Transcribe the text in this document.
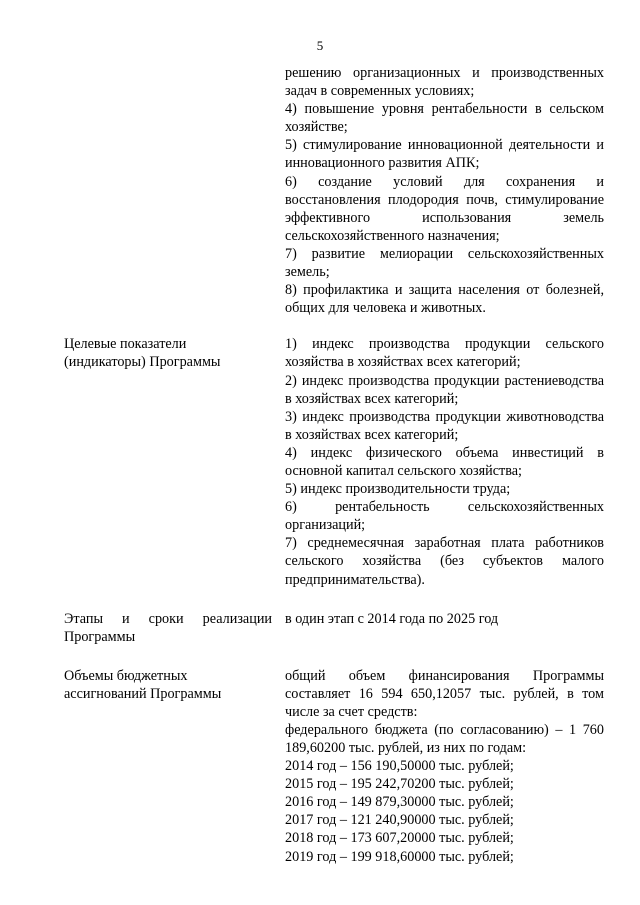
5

решению организационных и производственных задач в современных условиях;

4) повышение уровня рентабельности в сельском хозяйстве;

5) стимулирование инновационной деятельности и инновационного развития АПК;

6) создание условий для сохранения и восстановления плодородия почв, стимулирование эффективного использования земель сельскохозяйственного назначения;

7) развитие мелиорации сельскохозяйственных земель;

8) профилактика и защита населения от болезней, общих для человека и животных.

Целевые показатели
(индикаторы) Программы

1) индекс производства продукции сельского хозяйства в хозяйствах всех категорий;

2) индекс производства продукции растениеводства в хозяйствах всех категорий;

3) индекс производства продукции животноводства в хозяйствах всех категорий;

4) индекс физического объема инвестиций в основной капитал сельского хозяйства;

5) индекс производительности труда;

6) рентабельность сельскохозяйственных организаций;

7) среднемесячная заработная плата работников сельского хозяйства (без субъектов малого предпринимательства).

Этапы и сроки реализации
Программы

в один этап с 2014 года по 2025 год

Объемы бюджетных
ассигнований Программы

общий объем финансирования Программы составляет 16 594 650,12057 тыс. рублей, в том числе за счет средств:

федерального бюджета (по согласованию) – 1 760 189,60200 тыс. рублей, из них по годам:

2014 год – 156 190,50000 тыс. рублей;

2015 год – 195 242,70200 тыс. рублей;

2016 год – 149 879,30000 тыс. рублей;

2017 год – 121 240,90000 тыс. рублей;

2018 год – 173 607,20000 тыс. рублей;

2019 год – 199 918,60000 тыс. рублей;
